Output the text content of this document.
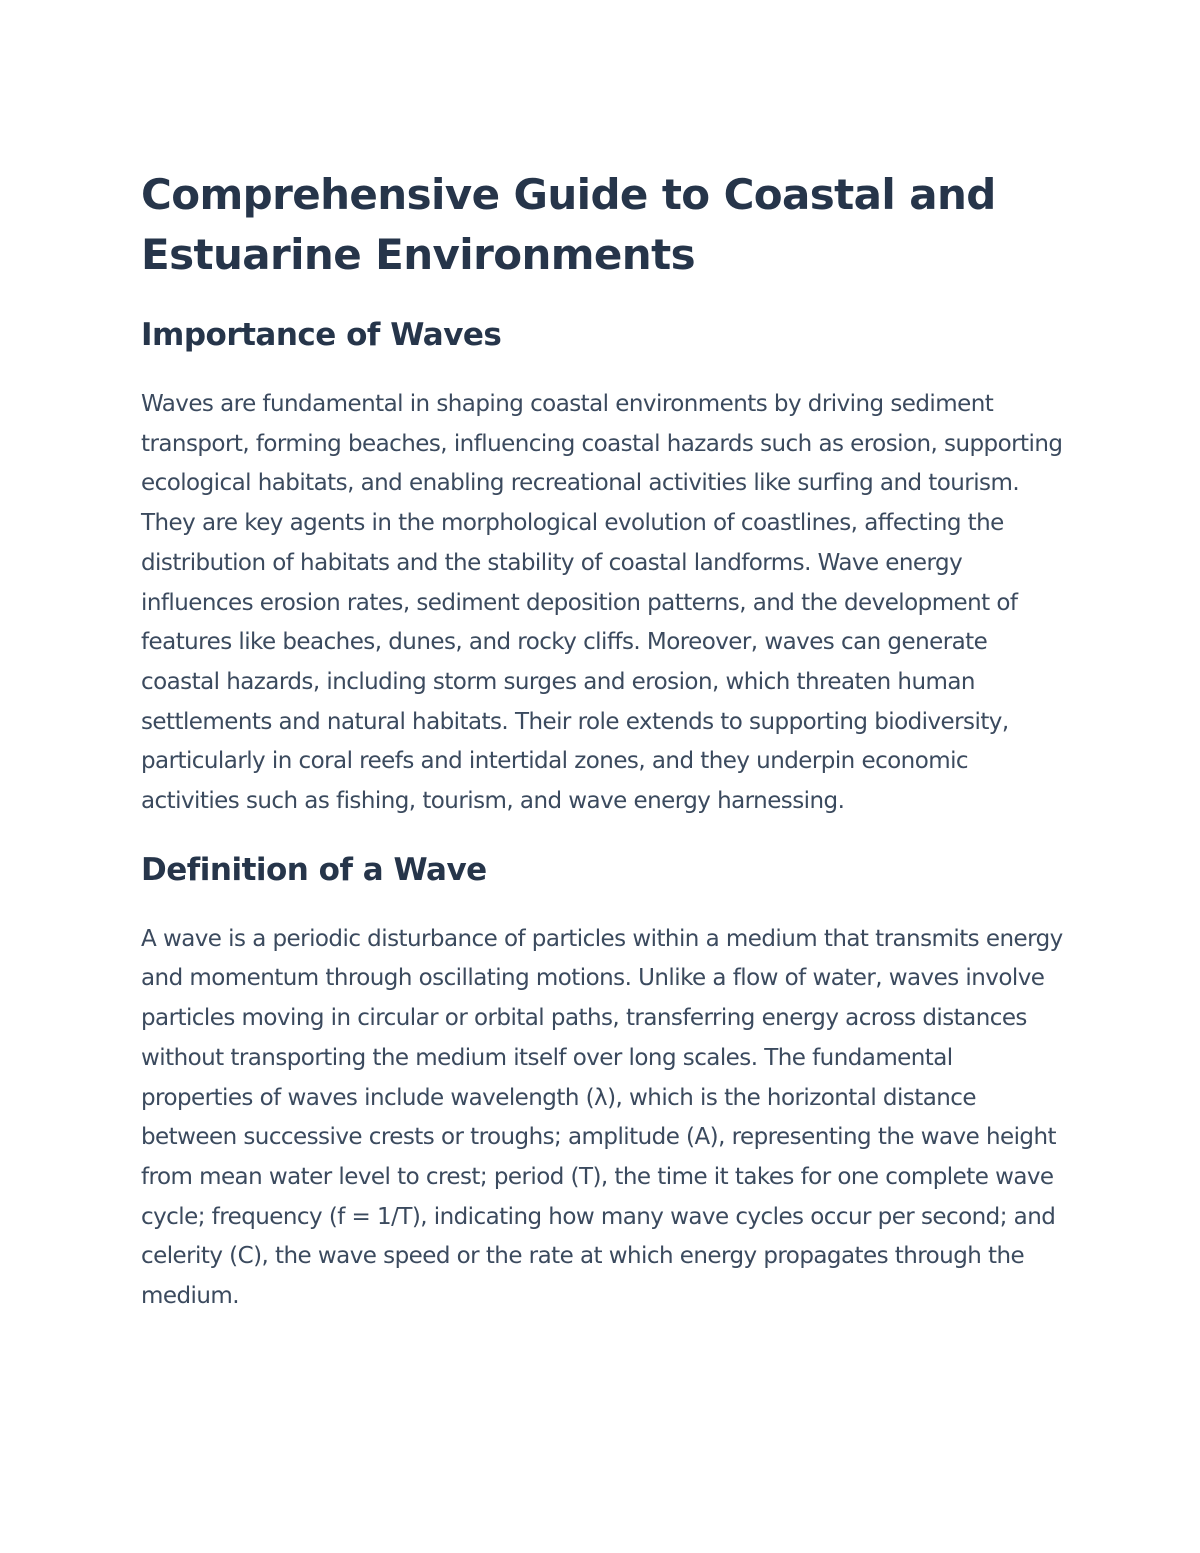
Comprehensive Guide to Coastal and Estuarine Environments
Importance of Waves

Waves are fundamental in shaping coastal environments by driving sediment transport, forming beaches, influencing coastal hazards such as erosion, supporting ecological habitats, and enabling recreational activities like surfing and tourism. They are key agents in the morphological evolution of coastlines, affecting the distribution of habitats and the stability of coastal landforms. Wave energy influences erosion rates, sediment deposition patterns, and the development of features like beaches, dunes, and rocky cliffs. Moreover, waves can generate coastal hazards, including storm surges and erosion, which threaten human settlements and natural habitats. Their role extends to supporting biodiversity, particularly in coral reefs and intertidal zones, and they underpin economic activities such as fishing, tourism, and wave energy harnessing.

Definition of a Wave

A wave is a periodic disturbance of particles within a medium that transmits energy and momentum through oscillating motions. Unlike a flow of water, waves involve particles moving in circular or orbital paths, transferring energy across distances without transporting the medium itself over long scales. The fundamental properties of waves include wavelength (λ), which is the horizontal distance between successive crests or troughs; amplitude (A), representing the wave height from mean water level to crest; period (T), the time it takes for one complete wave cycle; frequency (f = 1/T), indicating how many wave cycles occur per second; and celerity (C), the wave speed or the rate at which energy propagates through the medium.
